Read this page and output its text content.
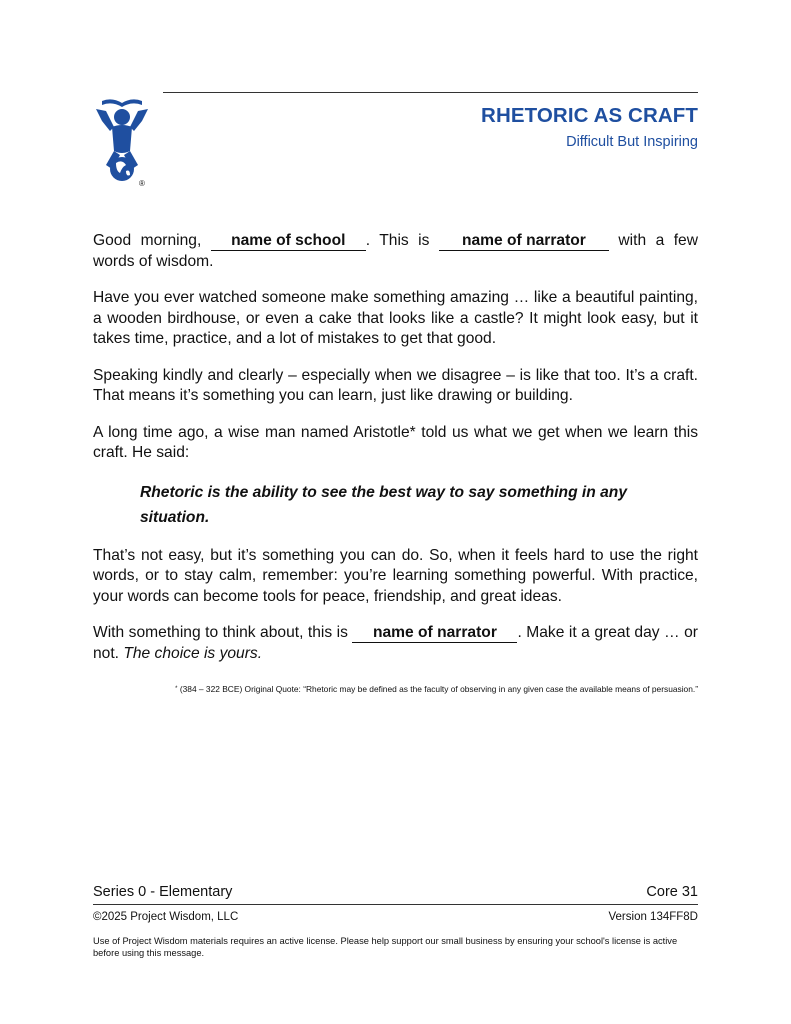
®
RHETORIC AS CRAFT
Difficult But Inspiring

Good morning, name of school . This is name of narrator with a few words of wisdom.

Have you ever watched someone make something amazing … like a beautiful painting, a wooden birdhouse, or even a cake that looks like a castle? It might look easy, but it takes time, practice, and a lot of mistakes to get that good.

Speaking kindly and clearly – especially when we disagree – is like that too. It’s a craft. That means it’s something you can learn, just like drawing or building.

A long time ago, a wise man named Aristotle* told us what we get when we learn this craft. He said:

Rhetoric is the ability to see the best way to say something in any situation.

That’s not easy, but it’s something you can do. So, when it feels hard to use the right words, or to stay calm, remember: you’re learning something powerful. With practice, your words can become tools for peace, friendship, and great ideas.

With something to think about, this is name of narrator . Make it a great day … or not. The choice is yours.

* (384 – 322 BCE) Original Quote: “Rhetoric may be defined as the faculty of observing in any given case the available means of persuasion.”
Series 0 - Elementary	Core 31
©2025 Project Wisdom, LLC	Version 134FF8D
Use of Project Wisdom materials requires an active license. Please help support our small business by ensuring your school's license is active before using this message.
